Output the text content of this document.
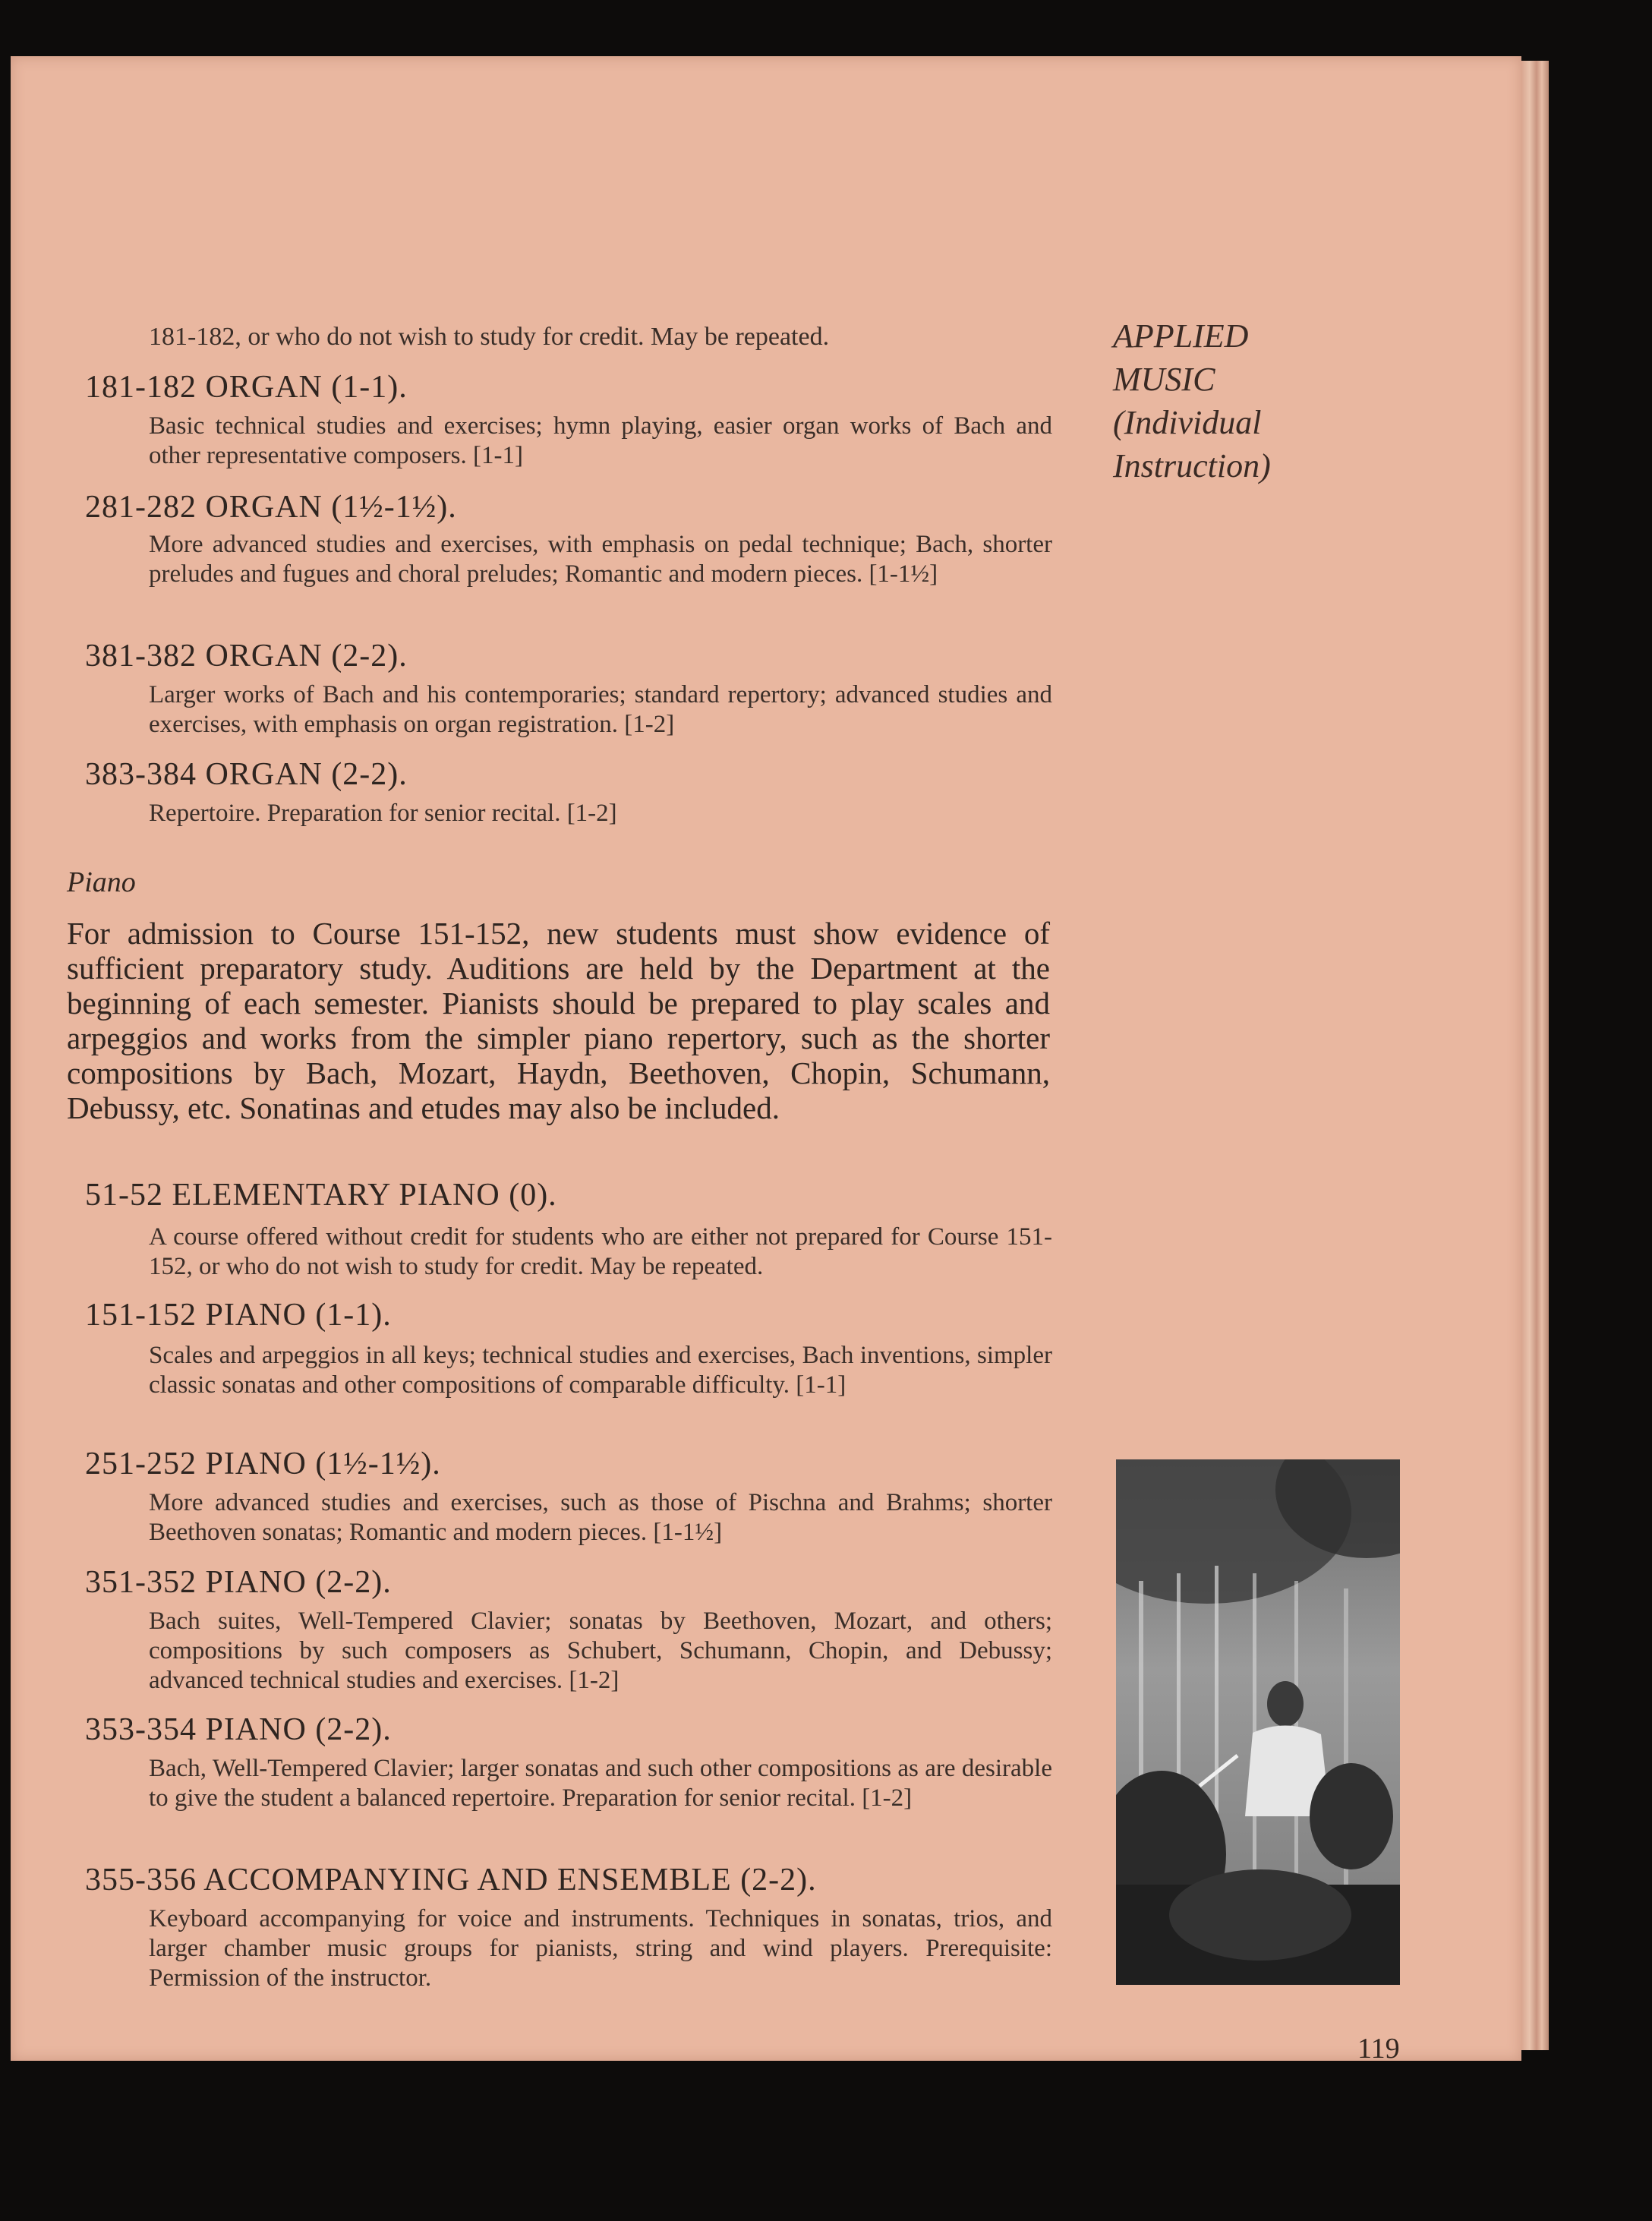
APPLIED
MUSIC
(Individual
Instruction)
181-182, or who do not wish to study for credit. May be repeated.
181-182 ORGAN (1-1).
Basic technical studies and exercises; hymn playing, easier organ works of Bach and other representative composers. [1-1]
281-282 ORGAN (1½-1½).
More advanced studies and exercises, with emphasis on pedal technique; Bach, shorter preludes and fugues and choral preludes; Romantic and modern pieces. [1-1½]
381-382 ORGAN (2-2).
Larger works of Bach and his contemporaries; standard repertory; advanced studies and exercises, with emphasis on organ registration. [1-2]
383-384 ORGAN (2-2).
Repertoire. Preparation for senior recital. [1-2]
Piano
For admission to Course 151-152, new students must show evidence of sufficient preparatory study. Auditions are held by the Department at the beginning of each semester. Pianists should be prepared to play scales and arpeggios and works from the simpler piano repertory, such as the shorter compositions by Bach, Mozart, Haydn, Beethoven, Chopin, Schumann, Debussy, etc. Sonatinas and etudes may also be included.
51-52 ELEMENTARY PIANO (0).
A course offered without credit for students who are either not prepared for Course 151-152, or who do not wish to study for credit. May be repeated.
151-152 PIANO (1-1).
Scales and arpeggios in all keys; technical studies and exercises, Bach inventions, simpler classic sonatas and other compositions of comparable difficulty. [1-1]
251-252 PIANO (1½-1½).
More advanced studies and exercises, such as those of Pischna and Brahms; shorter Beethoven sonatas; Romantic and modern pieces. [1-1½]
351-352 PIANO (2-2).
Bach suites, Well-Tempered Clavier; sonatas by Beethoven, Mozart, and others; compositions by such composers as Schubert, Schumann, Chopin, and Debussy; advanced technical studies and exercises. [1-2]
353-354 PIANO (2-2).
Bach, Well-Tempered Clavier; larger sonatas and such other compositions as are desirable to give the student a balanced repertoire. Preparation for senior recital. [1-2]
355-356 ACCOMPANYING AND ENSEMBLE (2-2).
Keyboard accompanying for voice and instruments. Techniques in sonatas, trios, and larger chamber music groups for pianists, string and wind players. Prerequisite: Permission of the instructor.
119
